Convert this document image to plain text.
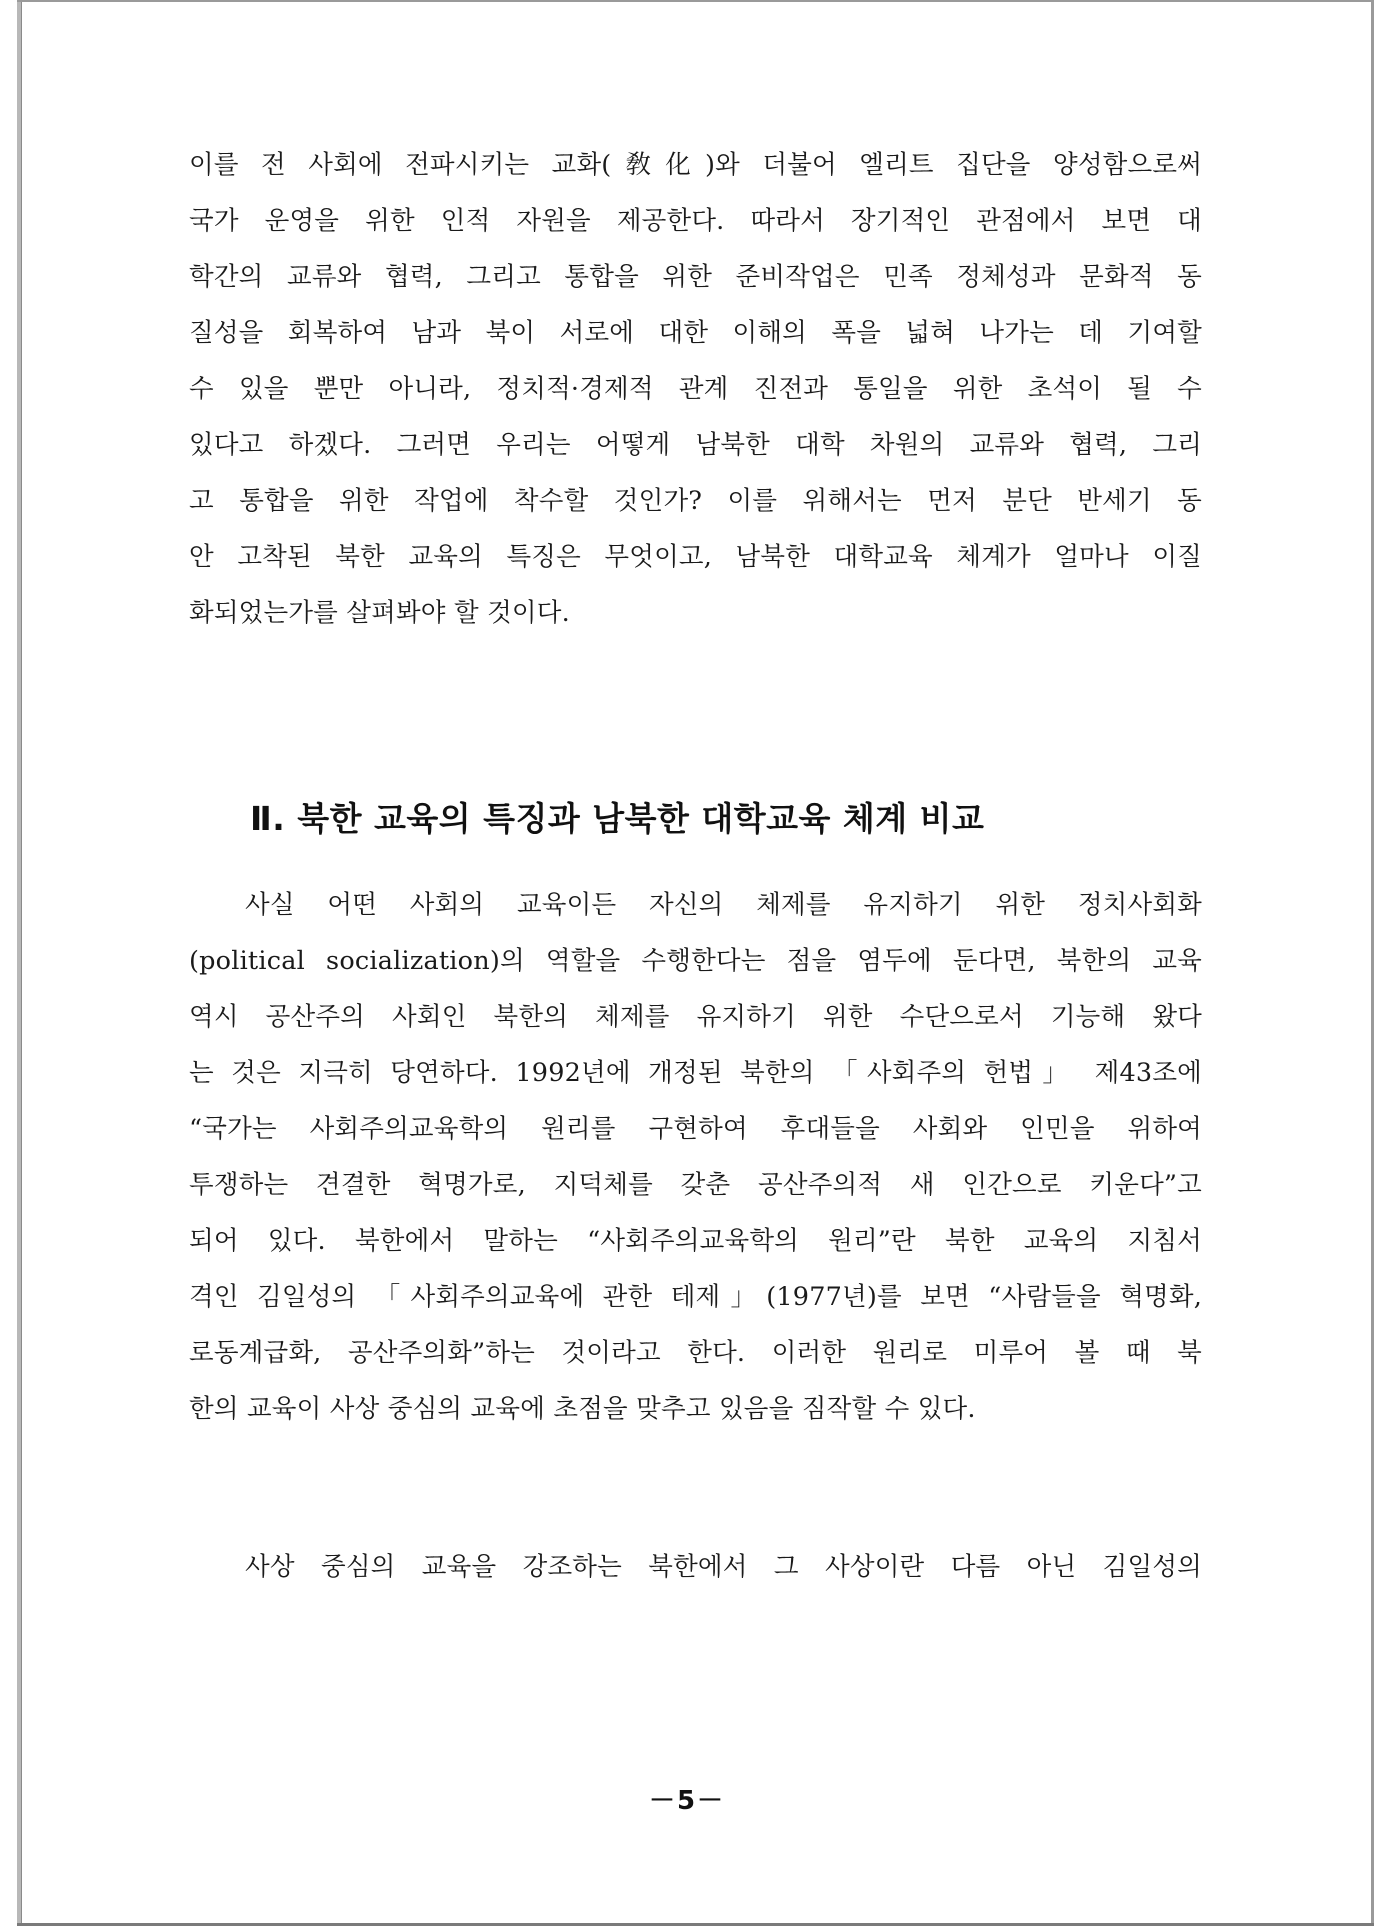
이를 전 사회에 전파시키는 교화(敎化)와 더불어 엘리트 집단을 양성함으로써
국가 운영을 위한 인적 자원을 제공한다. 따라서 장기적인 관점에서 보면 대
학간의 교류와 협력, 그리고 통합을 위한 준비작업은 민족 정체성과 문화적 동
질성을 회복하여 남과 북이 서로에 대한 이해의 폭을 넓혀 나가는 데 기여할
수 있을 뿐만 아니라, 정치적·경제적 관계 진전과 통일을 위한 초석이 될 수
있다고 하겠다. 그러면 우리는 어떻게 남북한 대학 차원의 교류와 협력, 그리
고 통합을 위한 작업에 착수할 것인가? 이를 위해서는 먼저 분단 반세기 동
안 고착된 북한 교육의 특징은 무엇이고, 남북한 대학교육 체계가 얼마나 이질
화되었는가를 살펴봐야 할 것이다.
Ⅱ. 북한 교육의 특징과 남북한 대학교육 체계 비교
사실 어떤 사회의 교육이든 자신의 체제를 유지하기 위한 정치사회화
(political socialization)의 역할을 수행한다는 점을 염두에 둔다면, 북한의 교육
역시 공산주의 사회인 북한의 체제를 유지하기 위한 수단으로서 기능해 왔다
는 것은 지극히 당연하다. 1992년에 개정된 북한의 「사회주의 헌법」 제43조에
“국가는 사회주의교육학의 원리를 구현하여 후대들을 사회와 인민을 위하여
투쟁하는 견결한 혁명가로, 지덕체를 갖춘 공산주의적 새 인간으로 키운다”고
되어 있다. 북한에서 말하는 “사회주의교육학의 원리”란 북한 교육의 지침서
격인 김일성의 「사회주의교육에 관한 테제」(1977년)를 보면 “사람들을 혁명화,
로동계급화, 공산주의화”하는 것이라고 한다. 이러한 원리로 미루어 볼 때 북
한의 교육이 사상 중심의 교육에 초점을 맞추고 있음을 짐작할 수 있다.
사상 중심의 교육을 강조하는 북한에서 그 사상이란 다름 아닌 김일성의
－5－
